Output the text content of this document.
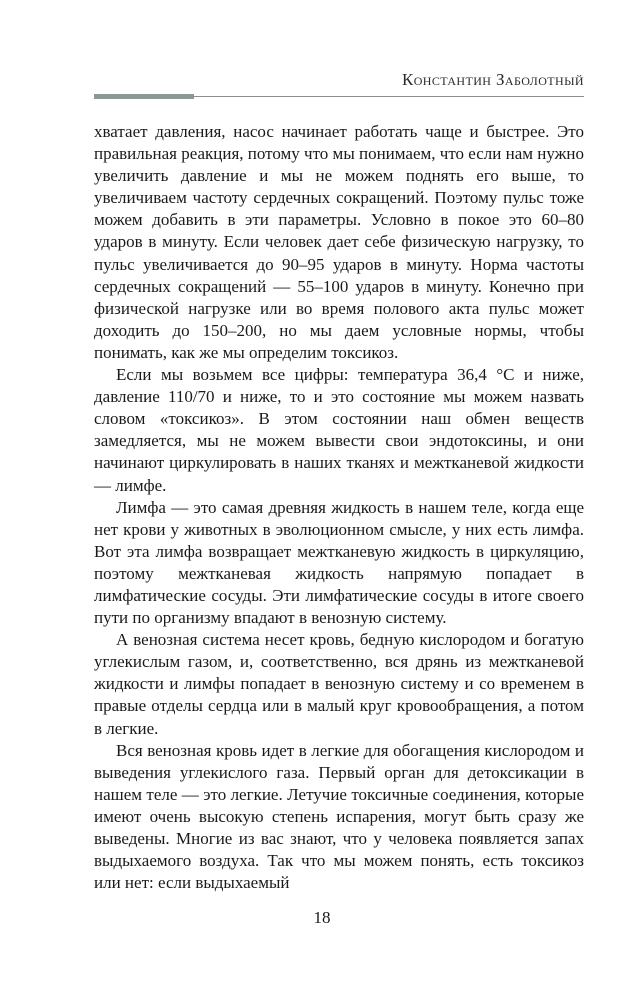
Константин Заболотный

хватает давления, насос начинает работать чаще и быстрее. Это правильная реакция, потому что мы понимаем, что если нам нужно увеличить давление и мы не можем поднять его выше, то увеличиваем частоту сердечных сокращений. Поэтому пульс тоже можем добавить в эти параметры. Условно в покое это 60–80 ударов в минуту. Если человек дает себе физическую нагрузку, то пульс увеличивается до 90–95 ударов в минуту. Норма частоты сердечных сокращений — 55–100 ударов в минуту. Конечно при физической нагрузке или во время полового акта пульс может доходить до 150–200, но мы даем условные нормы, чтобы понимать, как же мы определим токсикоз.

Если мы возьмем все цифры: температура 36,4 °C и ниже, давление 110/70 и ниже, то и это состояние мы можем назвать словом «токсикоз». В этом состоянии наш обмен веществ замедляется, мы не можем вывести свои эндотоксины, и они начинают циркулировать в наших тканях и межтканевой жидкости — лимфе.

Лимфа — это самая древняя жидкость в нашем теле, когда еще нет крови у животных в эволюционном смысле, у них есть лимфа. Вот эта лимфа возвращает межтканевую жидкость в циркуляцию, поэтому межтканевая жидкость напрямую попадает в лимфатические сосуды. Эти лимфатические сосуды в итоге своего пути по организму впадают в венозную систему.

А венозная система несет кровь, бедную кислородом и богатую углекислым газом, и, соответственно, вся дрянь из межтканевой жидкости и лимфы попадает в венозную систему и со временем в правые отделы сердца или в малый круг кровообращения, а потом в легкие.

Вся венозная кровь идет в легкие для обогащения кислородом и выведения углекислого газа. Первый орган для детоксикации в нашем теле — это легкие. Летучие токсичные соединения, которые имеют очень высокую степень испарения, могут быть сразу же выведены. Многие из вас знают, что у человека появляется запах выдыхаемого воздуха. Так что мы можем понять, есть токсикоз или нет: если выдыхаемый

18
